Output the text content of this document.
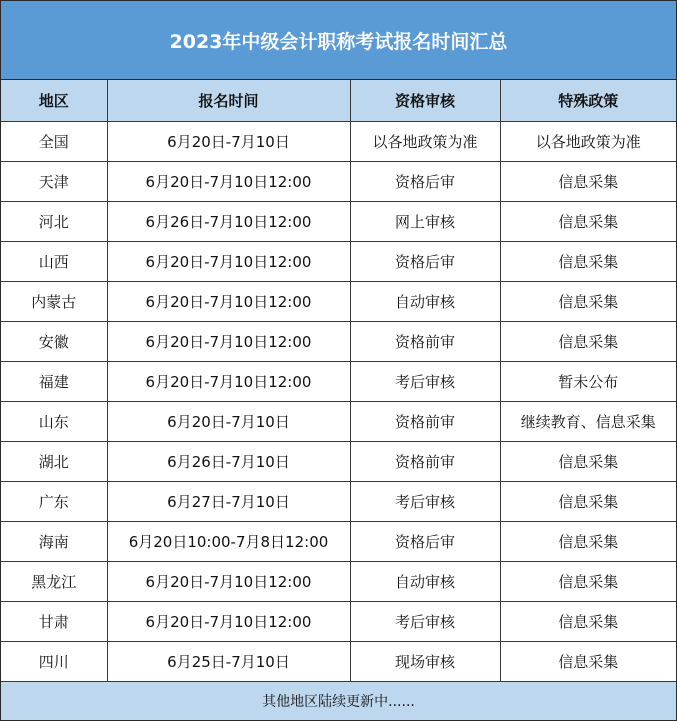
2023年中级会计职称考试报名时间汇总
地区	报名时间	资格审核	特殊政策
全国	6月20日-7月10日	以各地政策为准	以各地政策为准
天津	6月20日-7月10日12:00	资格后审	信息采集
河北	6月26日-7月10日12:00	网上审核	信息采集
山西	6月20日-7月10日12:00	资格后审	信息采集
内蒙古	6月20日-7月10日12:00	自动审核	信息采集
安徽	6月20日-7月10日12:00	资格前审	信息采集
福建	6月20日-7月10日12:00	考后审核	暂未公布
山东	6月20日-7月10日	资格前审	继续教育、信息采集
湖北	6月26日-7月10日	资格前审	信息采集
广东	6月27日-7月10日	考后审核	信息采集
海南	6月20日10:00-7月8日12:00	资格后审	信息采集
黑龙江	6月20日-7月10日12:00	自动审核	信息采集
甘肃	6月20日-7月10日12:00	考后审核	信息采集
四川	6月25日-7月10日	现场审核	信息采集
其他地区陆续更新中......
